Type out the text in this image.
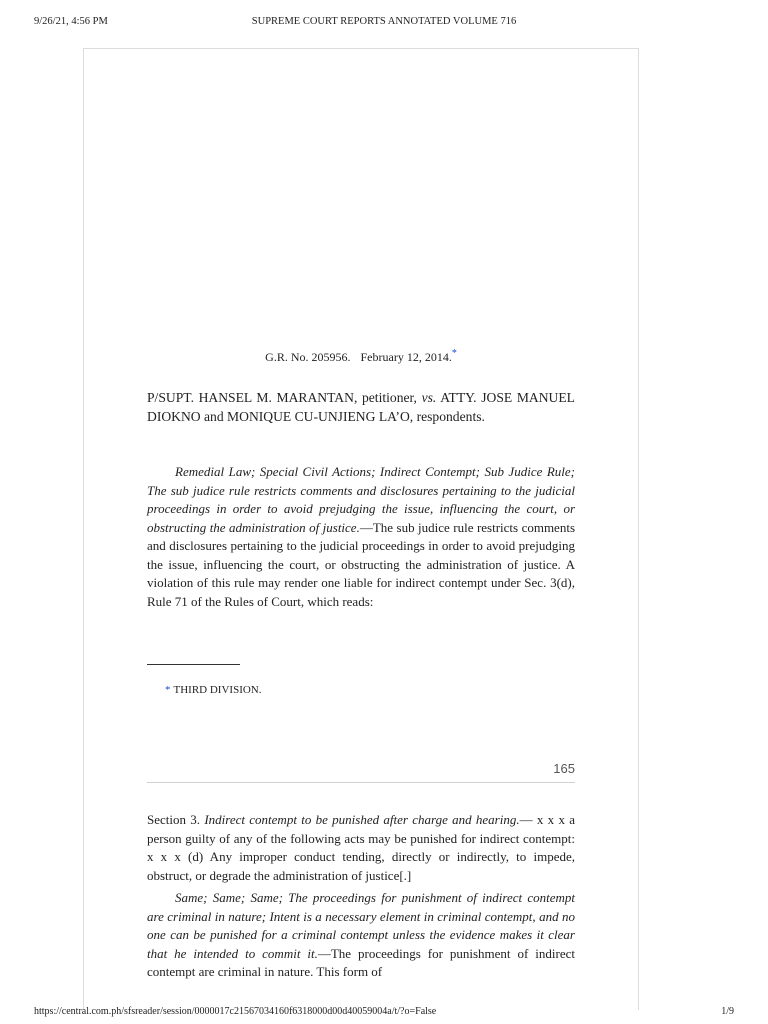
9/26/21, 4:56 PM	SUPREME COURT REPORTS ANNOTATED VOLUME 716
G.R. No. 205956. February 12, 2014.*
P/SUPT. HANSEL M. MARANTAN, petitioner, vs. ATTY. JOSE MANUEL DIOKNO and MONIQUE CU-UNJIENG LA’O, respondents.

Remedial Law; Special Civil Actions; Indirect Contempt; Sub Judice Rule; The sub judice rule restricts comments and disclosures pertaining to the judicial proceedings in order to avoid prejudging the issue, influencing the court, or obstructing the administration of justice.—The sub judice rule restricts comments and disclosures pertaining to the judicial proceedings in order to avoid prejudging the issue, influencing the court, or obstructing the administration of justice. A violation of this rule may render one liable for indirect contempt under Sec. 3(d), Rule 71 of the Rules of Court, which reads:

* THIRD DIVISION.
165

Section 3. Indirect contempt to be punished after charge and hearing.— x x x a person guilty of any of the following acts may be punished for indirect contempt: x x x (d) Any improper conduct tending, directly or indirectly, to impede, obstruct, or degrade the administration of justice[.]

Same; Same; Same; The proceedings for punishment of indirect contempt are criminal in nature; Intent is a necessary element in criminal contempt, and no one can be punished for a criminal contempt unless the evidence makes it clear that he intended to commit it.—The proceedings for punishment of indirect contempt are criminal in nature. This form of

https://central.com.ph/sfsreader/session/0000017c21567034160f6318000d00d40059004a/t/?o=False	1/9
